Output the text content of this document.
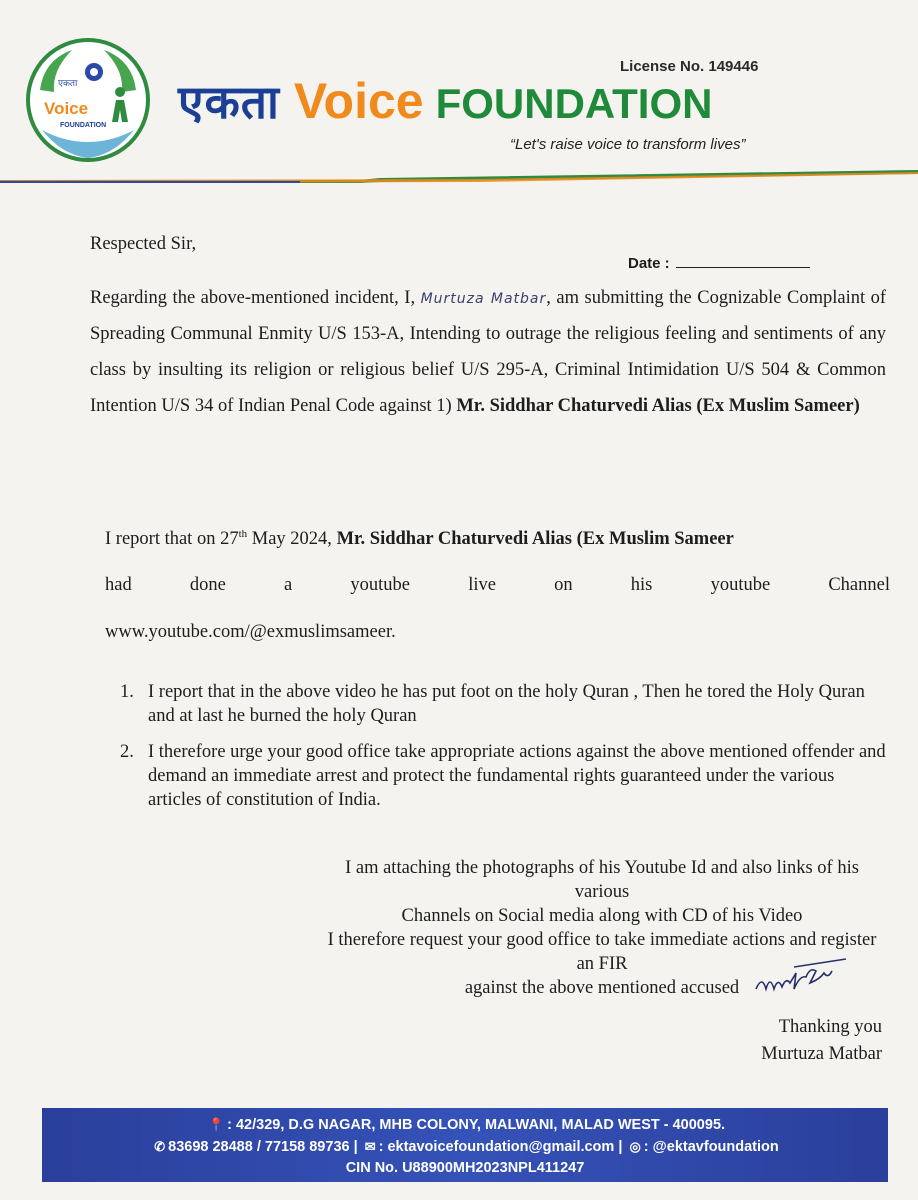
एकता
Voice
FOUNDATION एकता Voice FOUNDATION
License No. 149446
“Let's raise voice to transform lives”
Respected Sir,
Date :
Regarding the above-mentioned incident, I, Murtuza Matbar, am submitting the Cognizable Complaint of Spreading Communal Enmity U/S 153-A, Intending to outrage the religious feeling and sentiments of any class by insulting its religion or religious belief U/S 295-A, Criminal Intimidation U/S 504 & Common Intention U/S 34 of Indian Penal Code against 1) Mr. Siddhar Chaturvedi Alias (Ex Muslim Sameer)
I report that on 27th May 2024, Mr. Siddhar Chaturvedi Alias (Ex Muslim Sameer
had	done	a	youtube	live	on	his	youtube	Channel
www.youtube.com/@exmuslimsameer.
1. I report that in the above video he has put foot on the holy Quran , Then he tored the Holy Quran and at last he burned the holy Quran
2. I therefore urge your good office take appropriate actions against the above mentioned offender and demand an immediate arrest and protect the fundamental rights guaranteed under the various articles of constitution of India.
I am attaching the photographs of his Youtube Id and also links of his various
Channels on Social media along with CD of his Video
I therefore request your good office to take immediate actions and register an FIR
against the above mentioned accused
Thanking you
Murtuza Matbar
📍 : 42/329, D.G NAGAR, MHB COLONY, MALWANI, MALAD WEST - 400095.
✆ 83698 28488 / 77158 89736 | ✉ : ektavoicefoundation@gmail.com | ◎ : @ektavfoundation
CIN No. U88900MH2023NPL411247
